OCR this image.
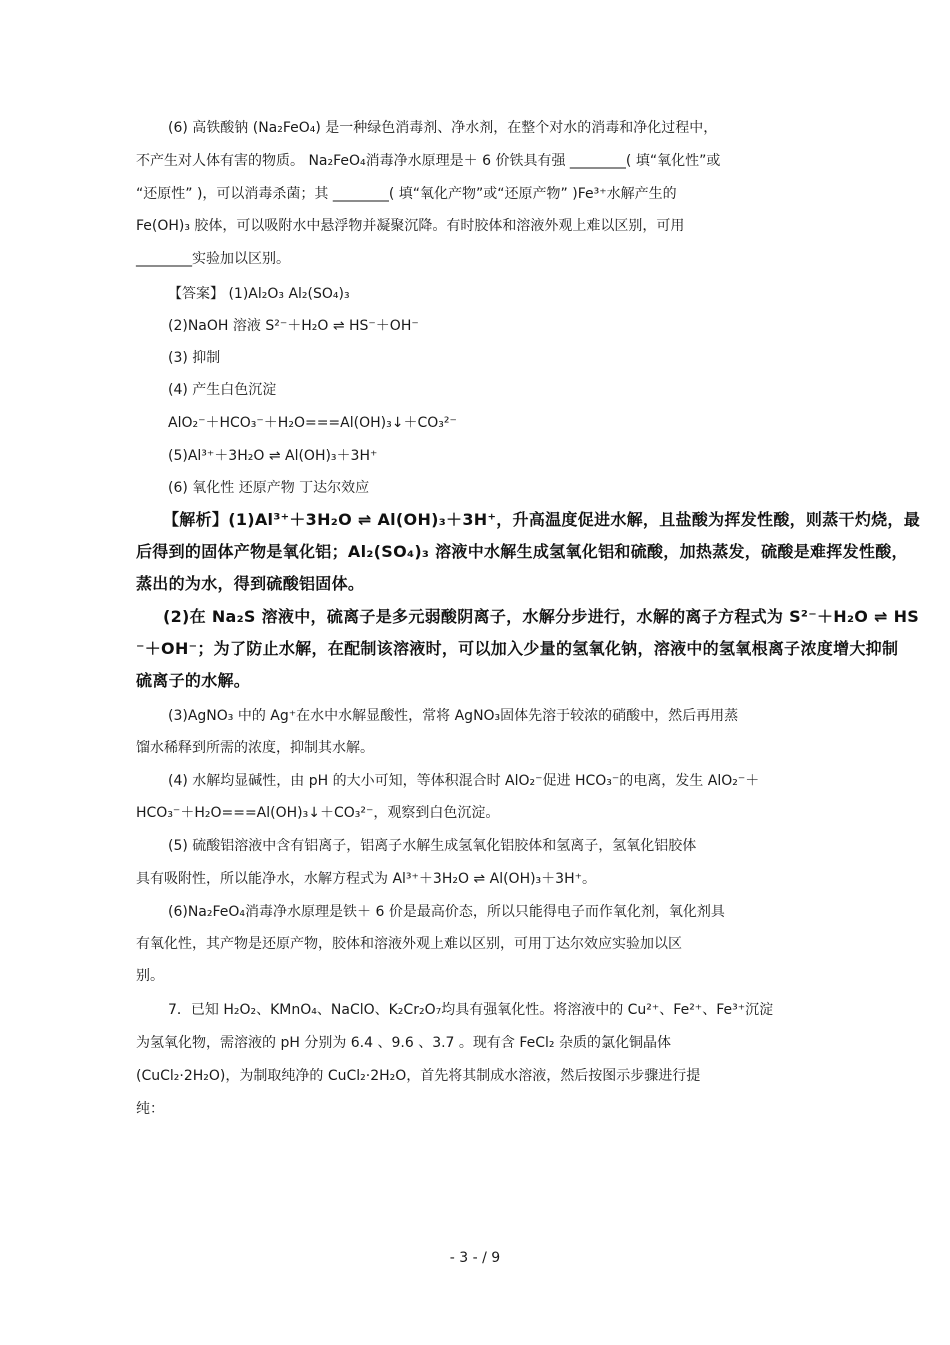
(6) 高铁酸钠 (Na₂FeO₄) 是一种绿色消毒剂、净水剂，在整个对水的消毒和净化过程中，
不产生对人体有害的物质。 Na₂FeO₄消毒净水原理是＋ 6 价铁具有强 ________( 填“氧化性”或
“还原性” )，可以消毒杀菌；其 ________( 填“氧化产物”或“还原产物” )Fe³⁺水解产生的
Fe(OH)₃ 胶体，可以吸附水中悬浮物并凝聚沉降。有时胶体和溶液外观上难以区别，可用
________实验加以区别。
【答案】 (1)Al₂O₃ Al₂(SO₄)₃
(2)NaOH 溶液 S²⁻＋H₂O ⇌ HS⁻＋OH⁻
(3) 抑制
(4) 产生白色沉淀
AlO₂⁻＋HCO₃⁻＋H₂O===Al(OH)₃↓＋CO₃²⁻
(5)Al³⁺＋3H₂O ⇌ Al(OH)₃＋3H⁺
(6) 氧化性 还原产物 丁达尔效应
【解析】(1)Al³⁺＋3H₂O ⇌ Al(OH)₃＋3H⁺，升高温度促进水解，且盐酸为挥发性酸，则蒸干灼烧，最
后得到的固体产物是氧化铝；Al₂(SO₄)₃ 溶液中水解生成氢氧化铝和硫酸，加热蒸发，硫酸是难挥发性酸，
蒸出的为水，得到硫酸铝固体。
(2)在 Na₂S 溶液中，硫离子是多元弱酸阴离子，水解分步进行，水解的离子方程式为 S²⁻＋H₂O ⇌ HS
⁻＋OH⁻；为了防止水解，在配制该溶液时，可以加入少量的氢氧化钠，溶液中的氢氧根离子浓度增大抑制
硫离子的水解。
(3)AgNO₃ 中的 Ag⁺在水中水解显酸性，常将 AgNO₃固体先溶于较浓的硝酸中，然后再用蒸
馏水稀释到所需的浓度，抑制其水解。
(4) 水解均显碱性，由 pH 的大小可知，等体积混合时 AlO₂⁻促进 HCO₃⁻的电离，发生 AlO₂⁻＋
HCO₃⁻＋H₂O===Al(OH)₃↓＋CO₃²⁻，观察到白色沉淀。
(5) 硫酸铝溶液中含有铝离子，铝离子水解生成氢氧化铝胶体和氢离子，氢氧化铝胶体
具有吸附性，所以能净水，水解方程式为 Al³⁺＋3H₂O ⇌ Al(OH)₃＋3H⁺。
(6)Na₂FeO₄消毒净水原理是铁＋ 6 价是最高价态，所以只能得电子而作氧化剂，氧化剂具
有氧化性，其产物是还原产物，胶体和溶液外观上难以区别，可用丁达尔效应实验加以区
别。
7．已知 H₂O₂、KMnO₄、NaClO、K₂Cr₂O₇均具有强氧化性。将溶液中的 Cu²⁺、Fe²⁺、Fe³⁺沉淀
为氢氧化物，需溶液的 pH 分别为 6.4 、9.6 、3.7 。现有含 FeCl₂ 杂质的氯化铜晶体
(CuCl₂·2H₂O)，为制取纯净的 CuCl₂·2H₂O，首先将其制成水溶液，然后按图示步骤进行提
纯：
- 3 - / 9
